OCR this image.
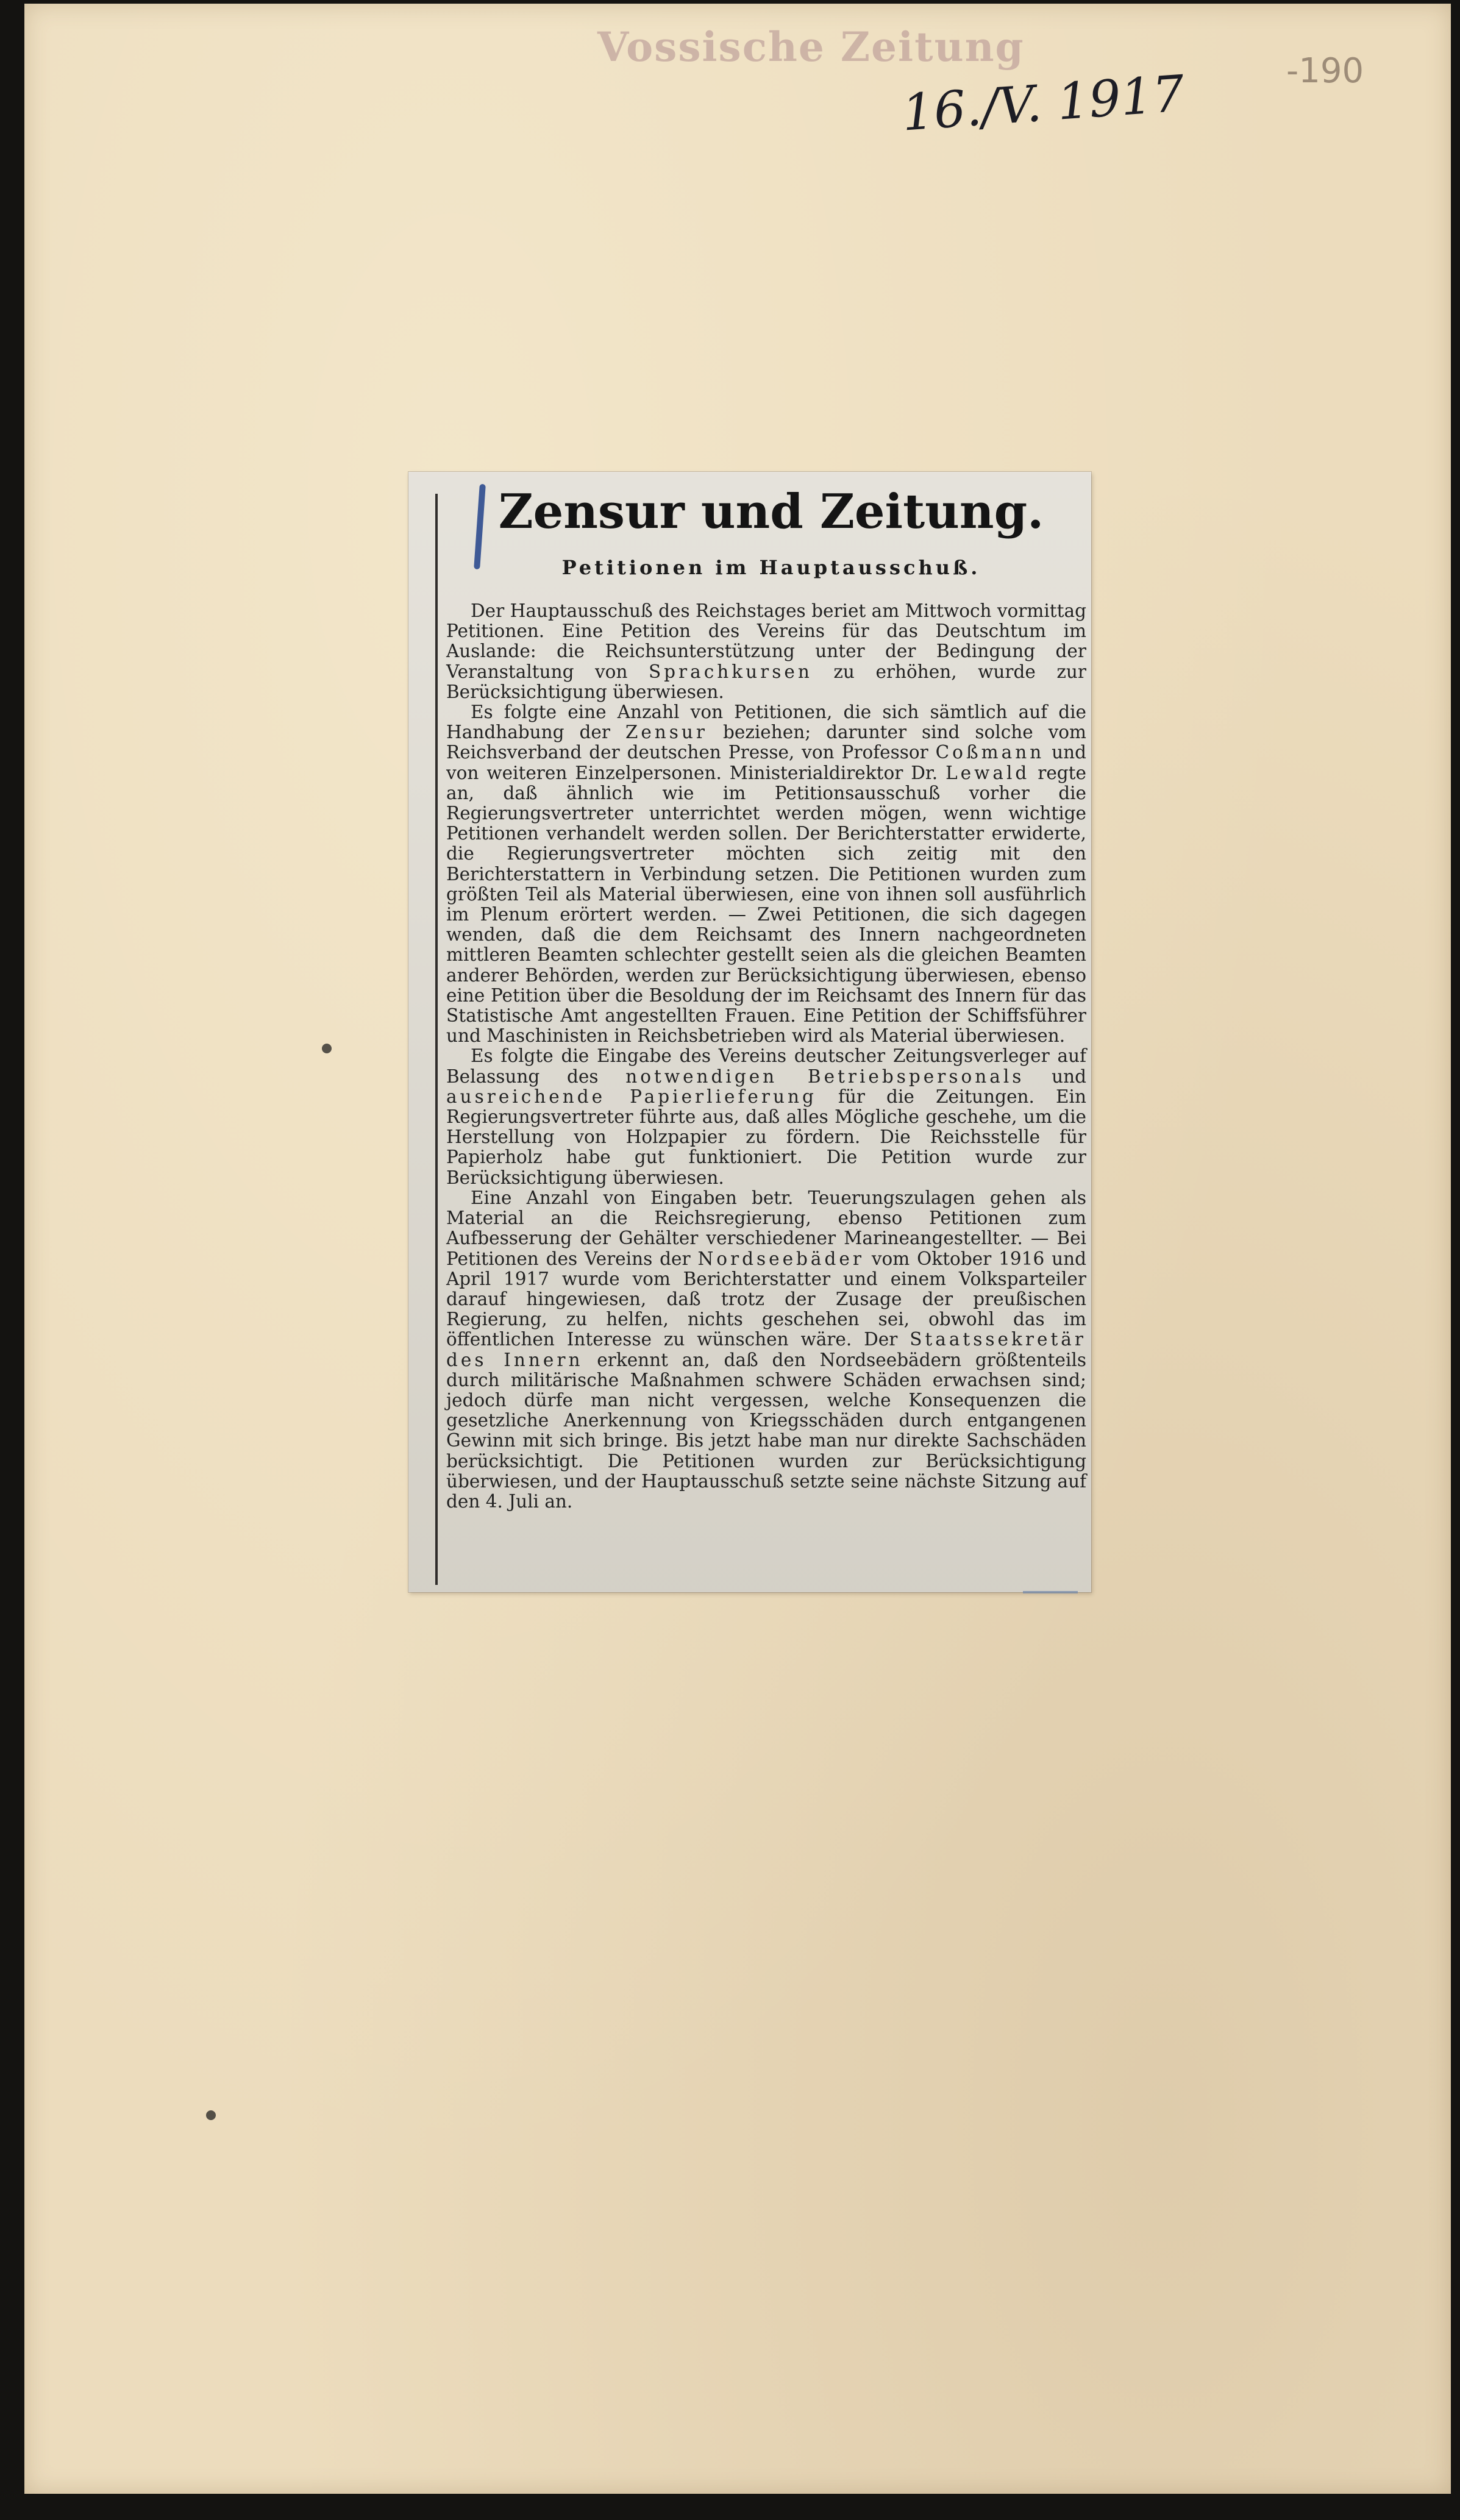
Vossische Zeitung
16./V. 1917	-190
Zensur und Zeitung.
Petitionen im Hauptausschuß.

Der Hauptausschuß des Reichstages beriet am Mittwoch vormittag Petitionen. Eine Petition des Vereins für das Deutschtum im Auslande: die Reichsunterstützung unter der Bedingung der Veranstaltung von Sprachkursen zu erhöhen, wurde zur Berücksichtigung überwiesen.

Es folgte eine Anzahl von Petitionen, die sich sämtlich auf die Handhabung der Zensur beziehen; darunter sind solche vom Reichsverband der deutschen Presse, von Professor Coßmann und von weiteren Einzelpersonen. Ministerialdirektor Dr. Lewald regte an, daß ähnlich wie im Petitionsausschuß vorher die Regierungsvertreter unterrichtet werden mögen, wenn wichtige Petitionen verhandelt werden sollen. Der Berichterstatter erwiderte, die Regierungsvertreter möchten sich zeitig mit den Berichterstattern in Verbindung setzen. Die Petitionen wurden zum größten Teil als Material überwiesen, eine von ihnen soll ausführlich im Plenum erörtert werden. — Zwei Petitionen, die sich dagegen wenden, daß die dem Reichsamt des Innern nachgeordneten mittleren Beamten schlechter gestellt seien als die gleichen Beamten anderer Behörden, werden zur Berücksichtigung überwiesen, ebenso eine Petition über die Besoldung der im Reichsamt des Innern für das Statistische Amt angestellten Frauen. Eine Petition der Schiffsführer und Maschinisten in Reichsbetrieben wird als Material überwiesen.

Es folgte die Eingabe des Vereins deutscher Zeitungsverleger auf Belassung des notwendigen Betriebspersonals und ausreichende Papierlieferung für die Zeitungen. Ein Regierungsvertreter führte aus, daß alles Mögliche geschehe, um die Herstellung von Holzpapier zu fördern. Die Reichsstelle für Papierholz habe gut funktioniert. Die Petition wurde zur Berücksichtigung überwiesen.

Eine Anzahl von Eingaben betr. Teuerungszulagen gehen als Material an die Reichsregierung, ebenso Petitionen zum Aufbesserung der Gehälter verschiedener Marineangestellter. — Bei Petitionen des Vereins der Nordseebäder vom Oktober 1916 und April 1917 wurde vom Berichterstatter und einem Volksparteiler darauf hingewiesen, daß trotz der Zusage der preußischen Regierung, zu helfen, nichts geschehen sei, obwohl das im öffentlichen Interesse zu wünschen wäre. Der Staatssekretär des Innern erkennt an, daß den Nordseebädern größtenteils durch militärische Maßnahmen schwere Schäden erwachsen sind; jedoch dürfe man nicht vergessen, welche Konsequenzen die gesetzliche Anerkennung von Kriegsschäden durch entgangenen Gewinn mit sich bringe. Bis jetzt habe man nur direkte Sachschäden berücksichtigt. Die Petitionen wurden zur Berücksichtigung überwiesen, und der Hauptausschuß setzte seine nächste Sitzung auf den 4. Juli an.
